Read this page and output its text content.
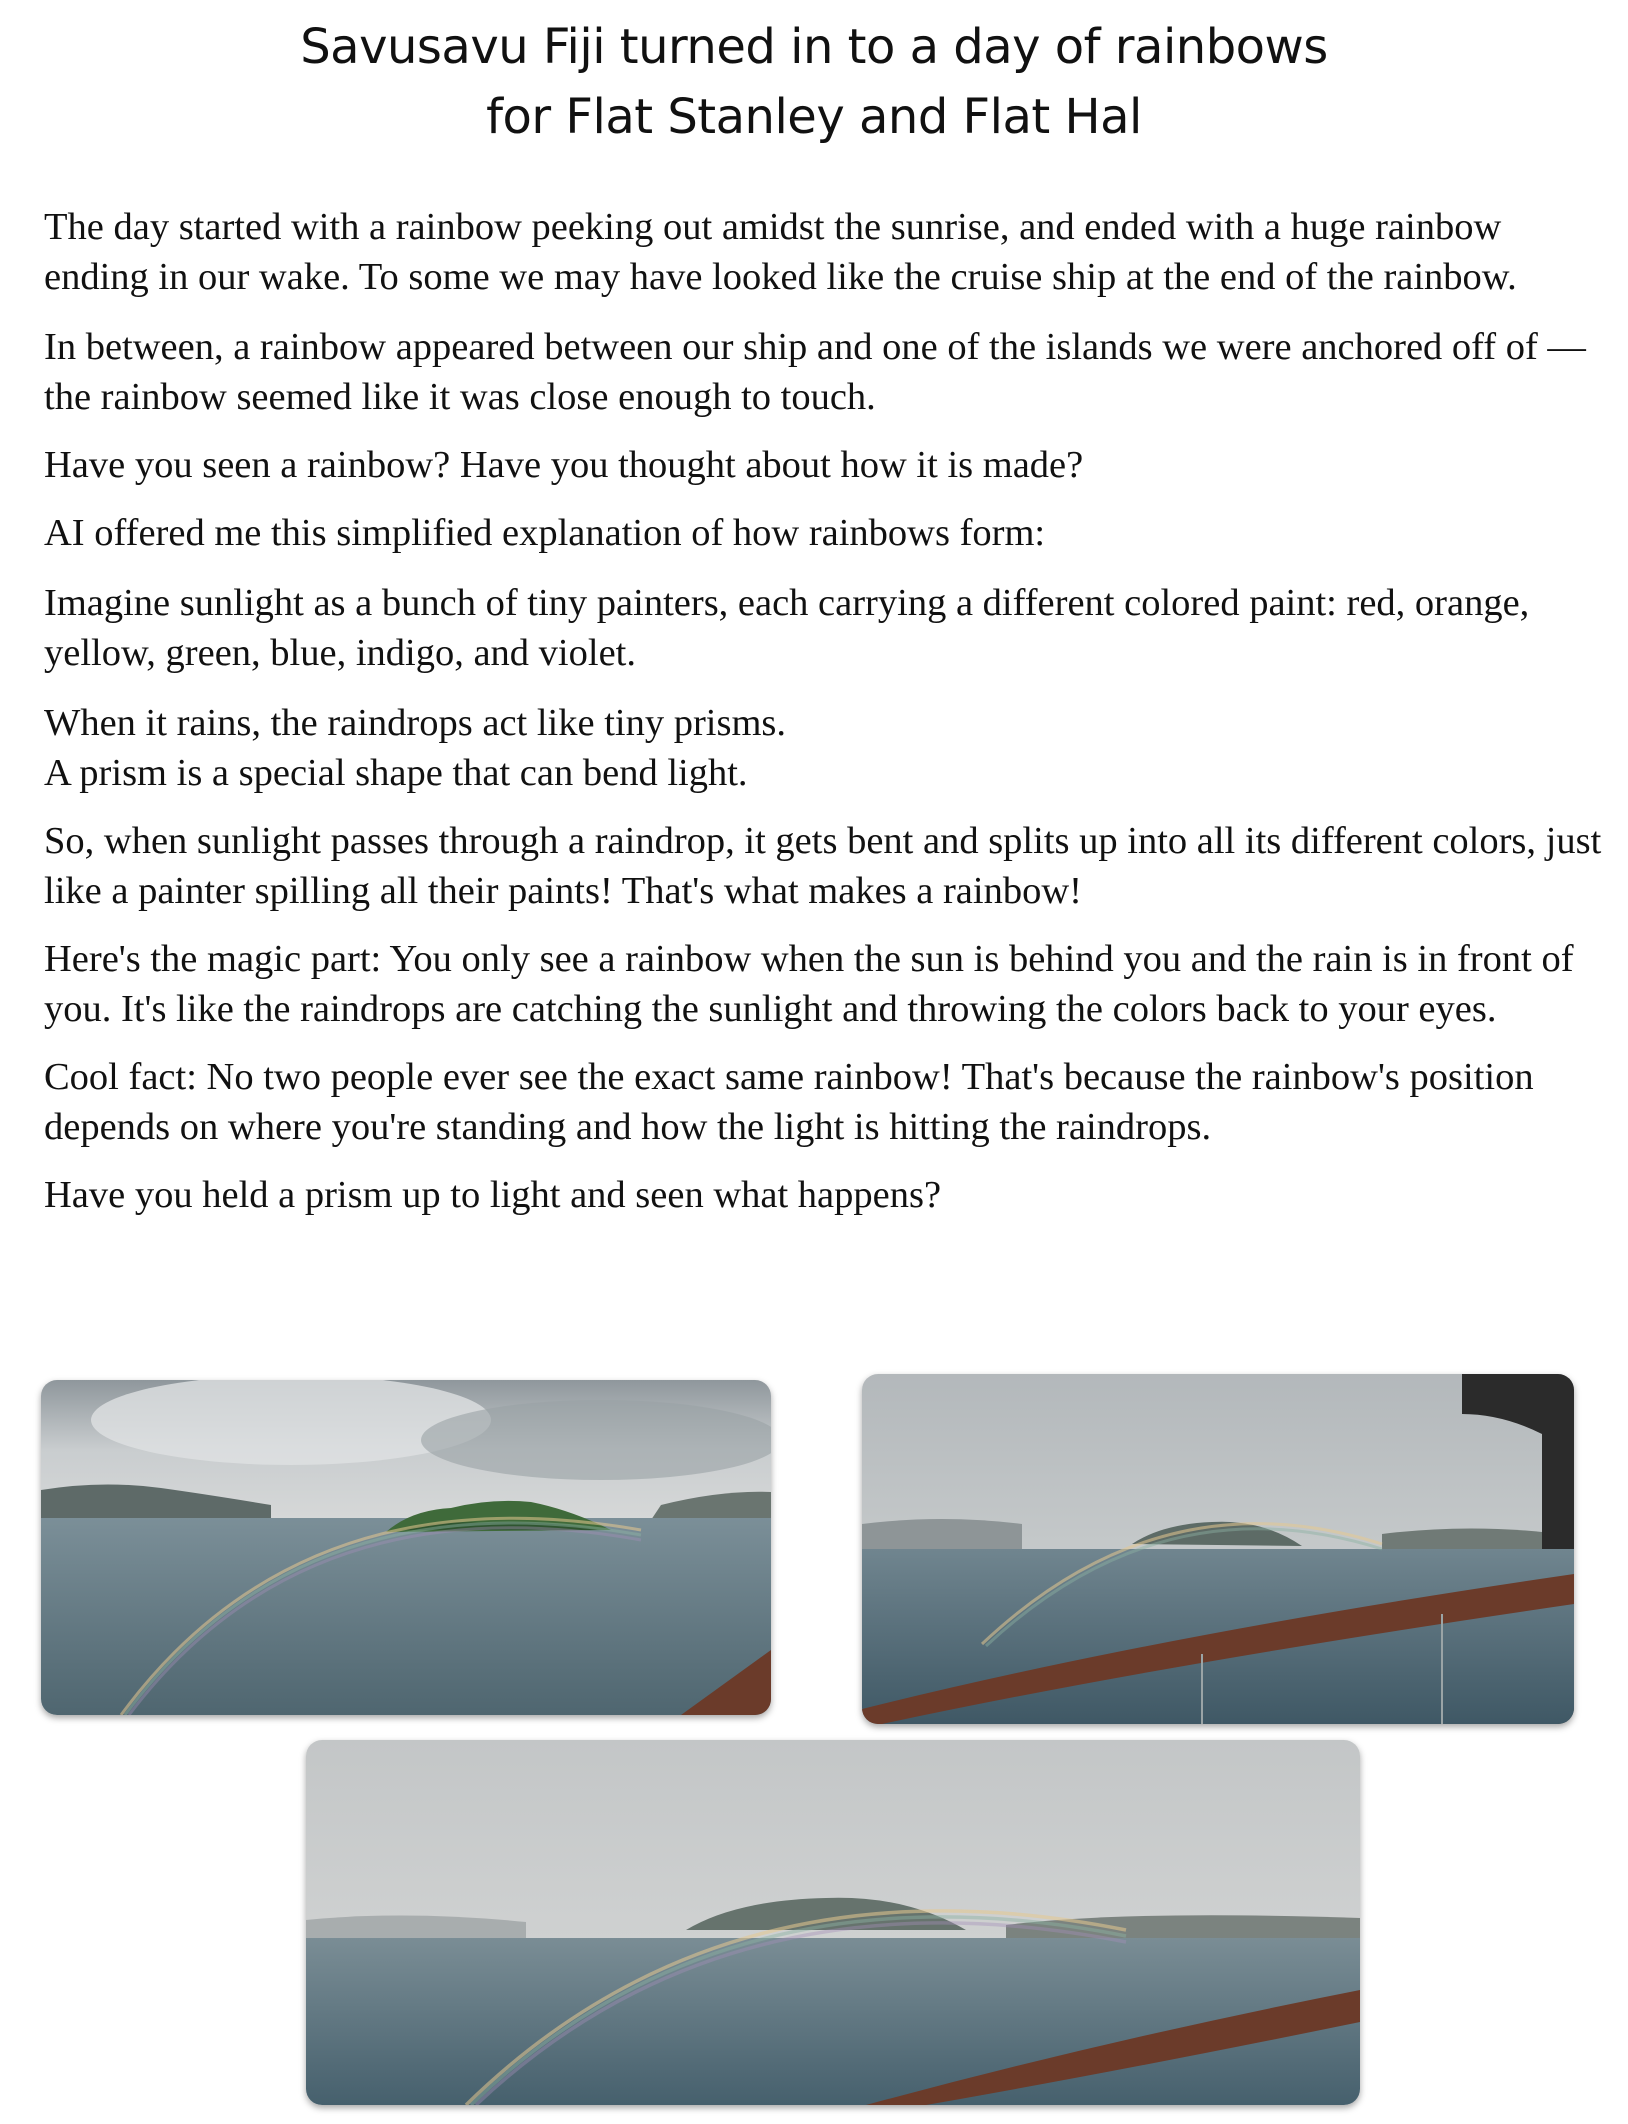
Savusavu Fiji turned in to a day of rainbows
for Flat Stanley and Flat Hal

The day started with a rainbow peeking out amidst the sunrise, and ended with a huge rainbow ending in our wake. To some we may have looked like the cruise ship at the end of the rainbow.

In between, a rainbow appeared between our ship and one of the islands we were anchored off of — the rainbow seemed like it was close enough to touch.

Have you seen a rainbow? Have you thought about how it is made?

AI offered me this simplified explanation of how rainbows form:

Imagine sunlight as a bunch of tiny painters, each carrying a different colored paint: red, orange, yellow, green, blue, indigo, and violet.

When it rains, the raindrops act like tiny prisms.

A prism is a special shape that can bend light.

So, when sunlight passes through a raindrop, it gets bent and splits up into all its different colors, just like a painter spilling all their paints! That's what makes a rainbow!

Here's the magic part: You only see a rainbow when the sun is behind you and the rain is in front of you. It's like the raindrops are catching the sunlight and throwing the colors back to your eyes.

Cool fact: No two people ever see the exact same rainbow! That's because the rainbow's position depends on where you're standing and how the light is hitting the raindrops.

Have you held a prism up to light and seen what happens?
